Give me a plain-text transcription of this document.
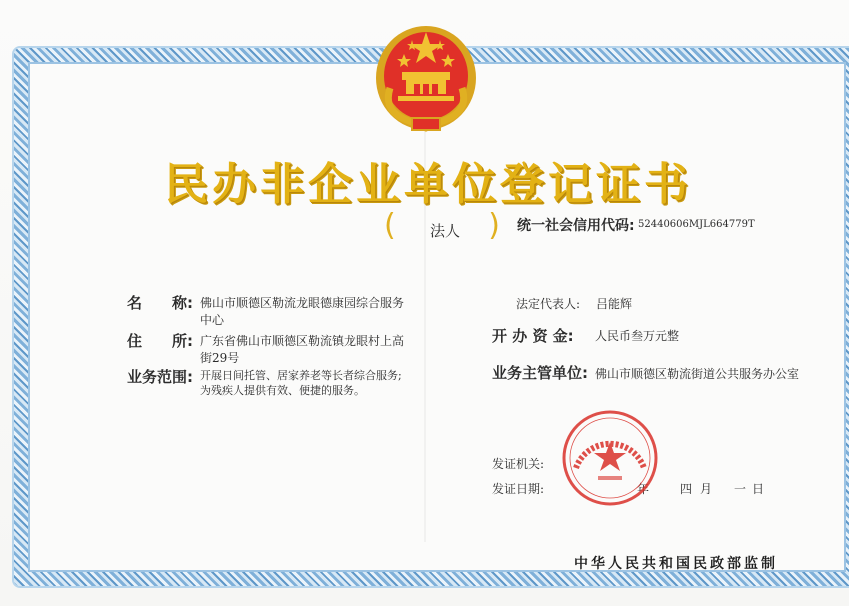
民办非企业单位登记证书
( 法人 ) 统一社会信用代码: 52440606MJL664779T
名　　称: 佛山市顺德区勒流龙眼德康园综合服务中心
住　　所: 广东省佛山市顺德区勒流镇龙眼村上高街29号
业务范围: 开展日间托管、居家养老等长者综合服务;为残疾人提供有效、便捷的服务。
法定代表人: 吕能辉
开 办 资 金: 人民币叁万元整
业务主管单位: 佛山市顺德区勒流街道公共服务办公室
发证机关:
发证日期:	年	四 月 一 日
中华人民共和国民政部监制
